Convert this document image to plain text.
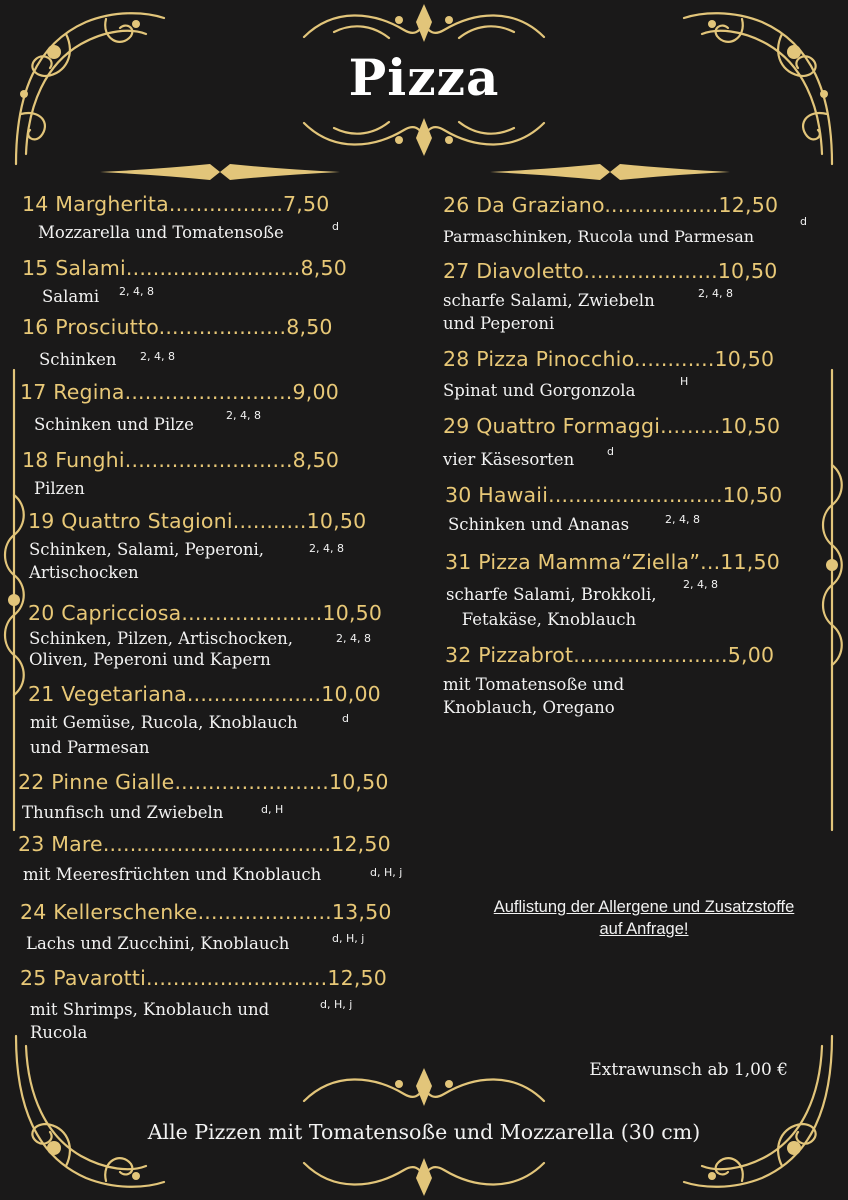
Pizza
14 Margherita.................7,50
Mozzarella und Tomatensoße	d
15 Salami..........................8,50
Salami	2, 4, 8
16 Prosciutto...................8,50
Schinken	2, 4, 8
17 Regina.........................9,00
Schinken und Pilze	2, 4, 8
18 Funghi.........................8,50
Pilzen
19 Quattro Stagioni...........10,50
Schinken, Salami, Peperoni,
Artischocken
2, 4, 8
20 Capricciosa.....................10,50
Schinken, Pilzen, Artischocken,
Oliven, Peperoni und Kapern
2, 4, 8
21 Vegetariana....................10,00
mit Gemüse, Rucola, Knoblauch
und Parmesan
d
22 Pinne Gialle.......................10,50
Thunfisch und Zwiebeln	d, H
23 Mare..................................12,50
mit Meeresfrüchten und Knoblauch	d, H, j
24 Kellerschenke....................13,50
Lachs und Zucchini, Knoblauch	d, H, j
25 Pavarotti...........................12,50
mit Shrimps, Knoblauch und
Rucola
d, H, j
26 Da Graziano.................12,50
Parmaschinken, Rucola und Parmesan
d
27 Diavoletto....................10,50
scharfe Salami, Zwiebeln
und Peperoni
2, 4, 8
28 Pizza Pinocchio............10,50
Spinat und Gorgonzola	H
29 Quattro Formaggi.........10,50
vier Käsesorten	d
30 Hawaii..........................10,50
Schinken und Ananas	2, 4, 8
31 Pizza Mamma“Ziella”...11,50
scharfe Salami, Brokkoli,
Fetakäse, Knoblauch
2, 4, 8
32 Pizzabrot.......................5,00
mit Tomatensoße und
Knoblauch, Oregano
Auflistung der Allergene und Zusatzstoffe
auf Anfrage!
Extrawunsch ab 1,00 €
Alle Pizzen mit Tomatensoße und Mozzarella (30 cm)
